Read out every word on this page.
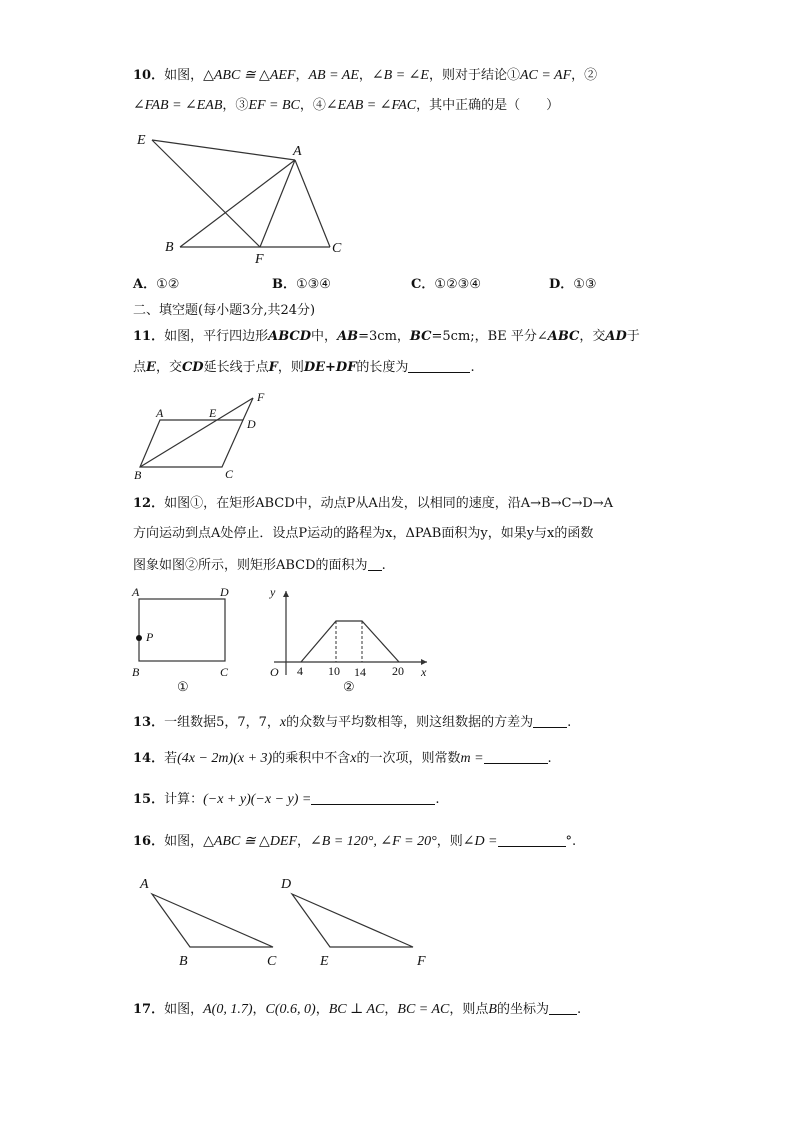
10．如图，△ABC ≅ △AEF，AB = AE，∠B = ∠E，则对于结论①AC = AF，②
∠FAB = ∠EAB，③EF = BC，④∠EAB = ∠FAC，其中正确的是（　　）
E
A
B
F
C
A．①②	B．①③④	C．①②③④	D．①③
二、填空题(每小题3分,共24分)
11．如图，平行四边形ABCD中，AB=3cm，BC=5cm;，BE 平分∠ABC，交AD于
点E，交CD延长线于点F，则DE+DF的长度为	.
A	E
F
D
B	C
12．如图①，在矩形ABCD中，动点P从A出发，以相同的速度，沿A→B→C→D→A
方向运动到点A处停止．设点P运动的路程为x，ΔPAB面积为y，如果y与x的函数
图象如图②所示，则矩形ABCD的面积为 .
A	D
P
B	C
①
y
O 4 10 14 20 x
②
13．一组数据5，7，7，x的众数与平均数相等，则这组数据的方差为	.
14．若(4x − 2m)(x + 3)的乘积中不含x的一次项，则常数m =	.
15．计算：(−x + y)(−x − y) =	.
16．如图，△ABC ≅ △DEF，∠B = 120°, ∠F = 20°，则∠D =	°.
A
B	C
D
E	F
17．如图，A(0, 1.7)，C(0.6, 0)，BC ⊥ AC，BC = AC，则点B的坐标为 .
